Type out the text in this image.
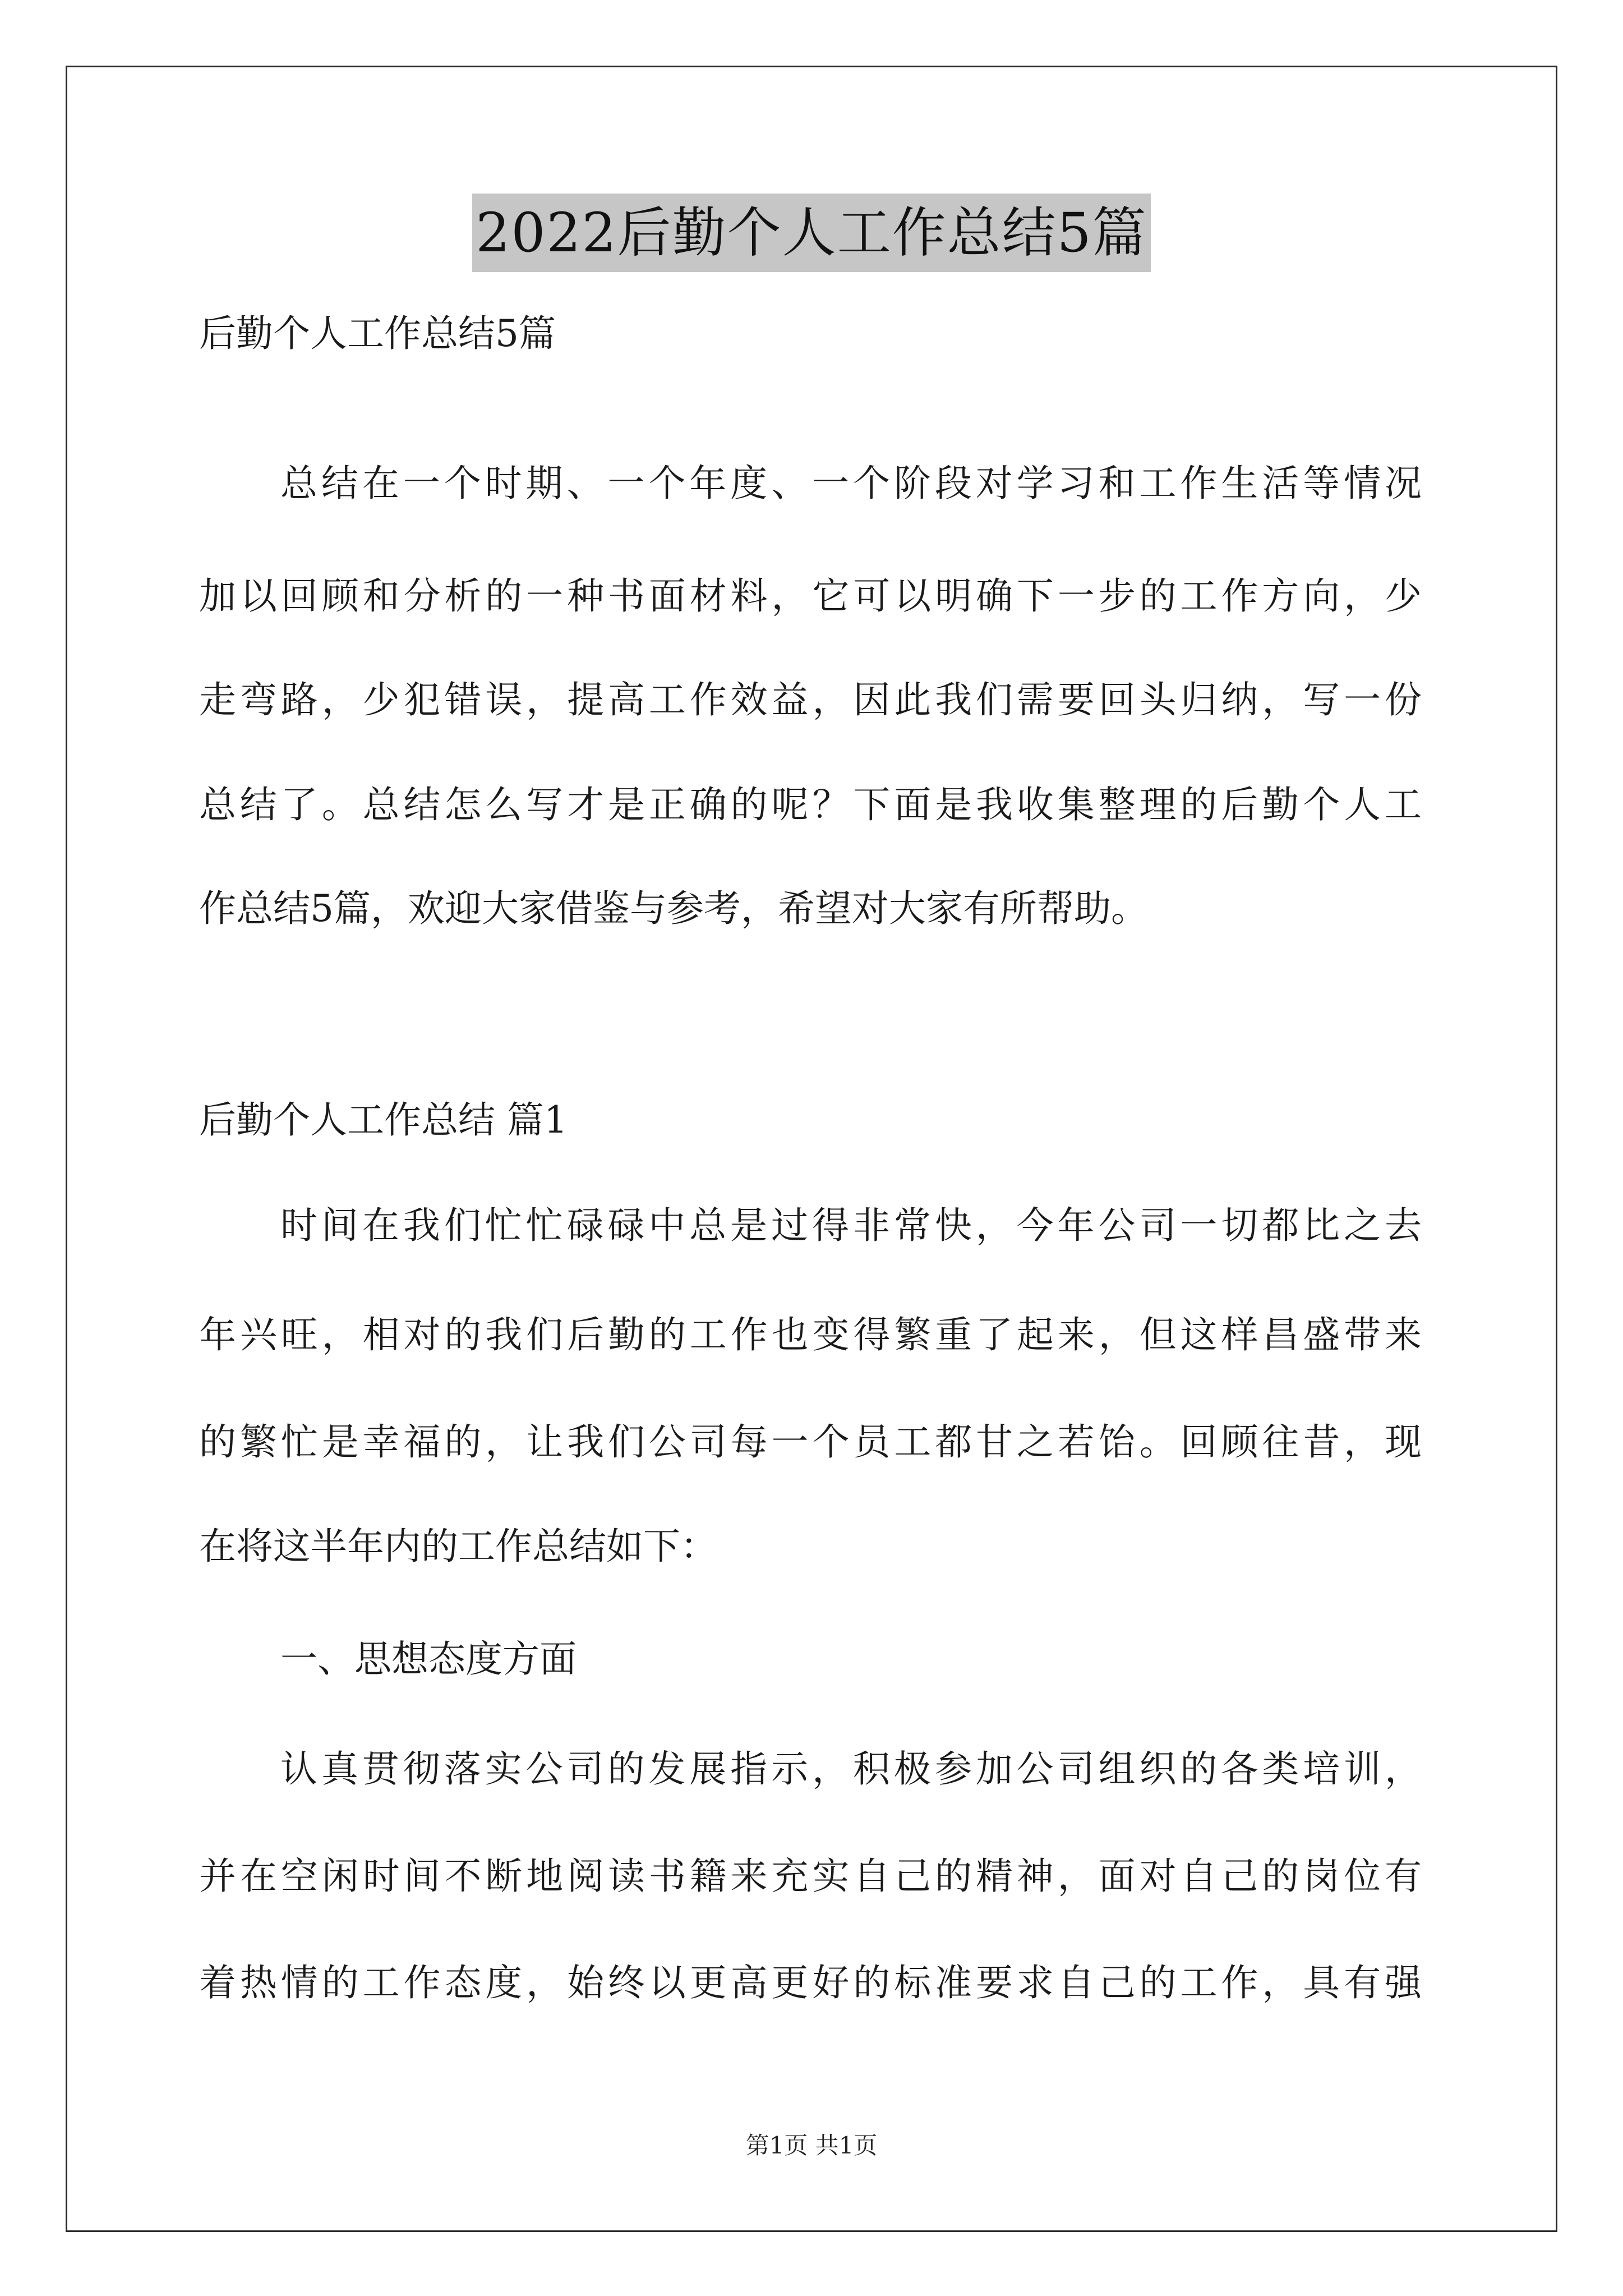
2022后勤个人工作总结5篇
后勤个人工作总结5篇
总结在一个时期、一个年度、一个阶段对学习和工作生活等情况
加以回顾和分析的一种书面材料，它可以明确下一步的工作方向，少
走弯路，少犯错误，提高工作效益，因此我们需要回头归纳，写一份
总结了。总结怎么写才是正确的呢？下面是我收集整理的后勤个人工
作总结5篇，欢迎大家借鉴与参考，希望对大家有所帮助。
后勤个人工作总结 篇1
时间在我们忙忙碌碌中总是过得非常快，今年公司一切都比之去
年兴旺，相对的我们后勤的工作也变得繁重了起来，但这样昌盛带来
的繁忙是幸福的，让我们公司每一个员工都甘之若饴。回顾往昔，现
在将这半年内的工作总结如下：
一、思想态度方面
认真贯彻落实公司的发展指示，积极参加公司组织的各类培训，
并在空闲时间不断地阅读书籍来充实自己的精神，面对自己的岗位有
着热情的工作态度，始终以更高更好的标准要求自己的工作，具有强
第1页 共1页
